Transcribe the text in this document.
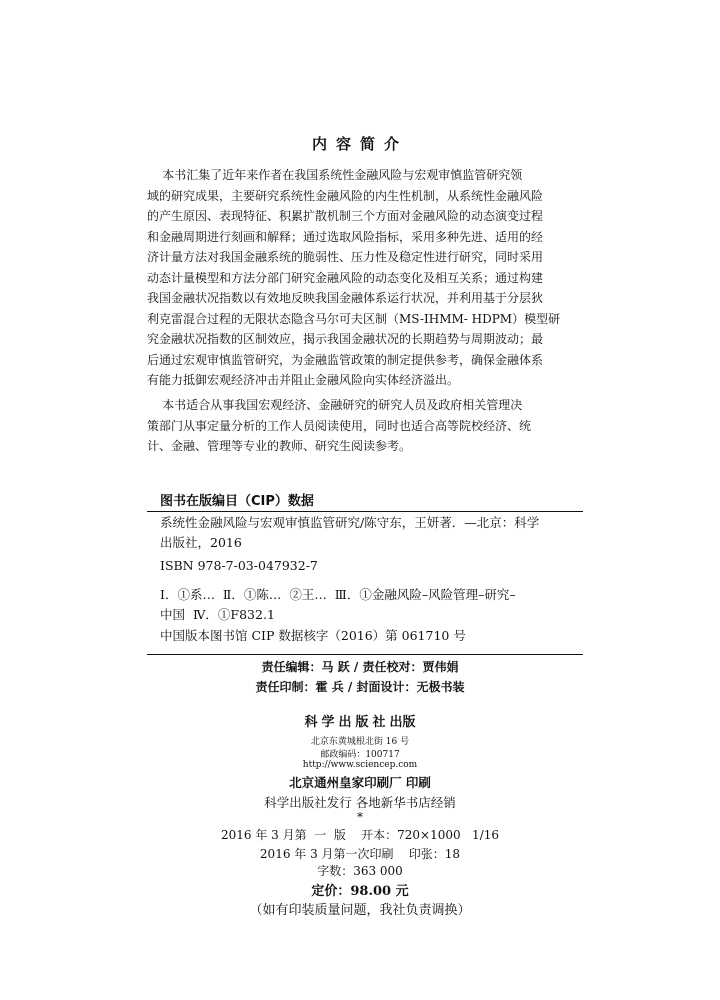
内容简介
本书汇集了近年来作者在我国系统性金融风险与宏观审慎监管研究领
域的研究成果，主要研究系统性金融风险的内生性机制，从系统性金融风险
的产生原因、表现特征、积累扩散机制三个方面对金融风险的动态演变过程
和金融周期进行刻画和解释；通过选取风险指标，采用多种先进、适用的经
济计量方法对我国金融系统的脆弱性、压力性及稳定性进行研究，同时采用
动态计量模型和方法分部门研究金融风险的动态变化及相互关系；通过构建
我国金融状况指数以有效地反映我国金融体系运行状况，并利用基于分层狄
利克雷混合过程的无限状态隐含马尔可夫区制（MS-IHMM- HDPM）模型研
究金融状况指数的区制效应，揭示我国金融状况的长期趋势与周期波动；最
后通过宏观审慎监管研究，为金融监管政策的制定提供参考，确保金融体系
有能力抵御宏观经济冲击并阻止金融风险向实体经济溢出。
本书适合从事我国宏观经济、金融研究的研究人员及政府相关管理决
策部门从事定量分析的工作人员阅读使用，同时也适合高等院校经济、统
计、金融、管理等专业的教师、研究生阅读参考。
图书在版编目（CIP）数据
系统性金融风险与宏观审慎监管研究/陈守东，王妍著．—北京：科学
出版社，2016
ISBN 978-7-03-047932-7
Ⅰ．①系…  Ⅱ．①陈…  ②王…  Ⅲ．①金融风险–风险管理–研究–
中国  Ⅳ．①F832.1
中国版本图书馆 CIP 数据核字（2016）第 061710 号
责任编辑：马 跃 / 责任校对：贾伟娟
责任印制：霍 兵 / 封面设计：无极书装
科学出版社出版
北京东黄城根北街 16 号
邮政编码：100717
http://www.sciencep.com
北京通州皇家印刷厂 印刷
科学出版社发行 各地新华书店经销
*
2016 年 3 月第  一  版    开本：720×1000   1/16
2016 年 3 月第一次印刷    印张：18
字数：363 000
定价：98.00 元
（如有印装质量问题，我社负责调换）
